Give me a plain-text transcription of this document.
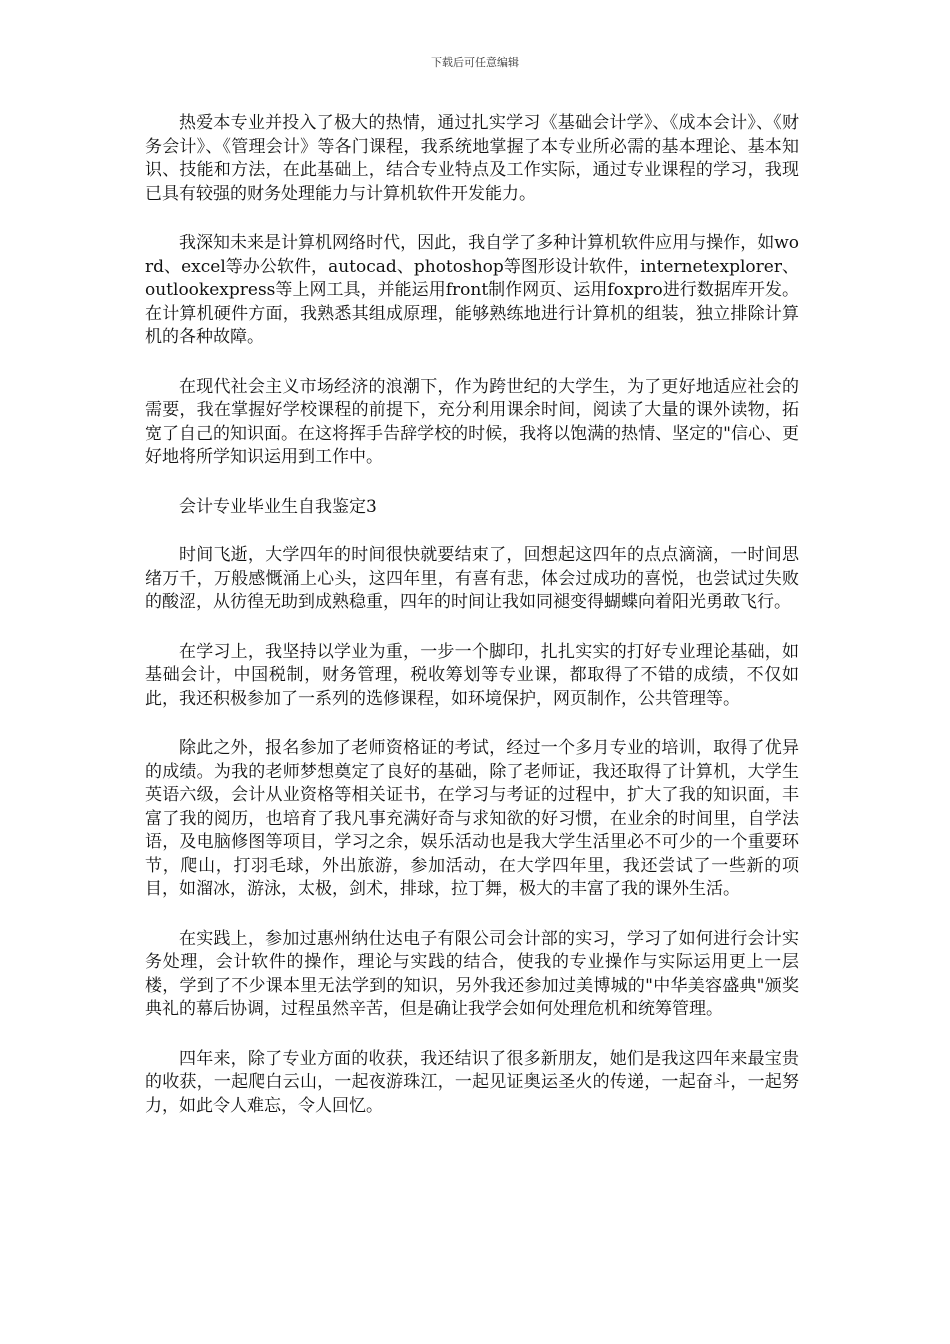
下载后可任意编辑

热爱本专业并投入了极大的热情，通过扎实学习《基础会计学》、《成本会计》、《财务会计》、《管理会计》等各门课程，我系统地掌握了本专业所必需的基本理论、基本知识、技能和方法，在此基础上，结合专业特点及工作实际，通过专业课程的学习，我现已具有较强的财务处理能力与计算机软件开发能力。

我深知未来是计算机网络时代，因此，我自学了多种计算机软件应用与操作，如word、excel等办公软件，autocad、photoshop等图形设计软件，internetexplorer、outlookexpress等上网工具，并能运用front制作网页、运用foxpro进行数据库开发。在计算机硬件方面，我熟悉其组成原理，能够熟练地进行计算机的组装，独立排除计算机的各种故障。

在现代社会主义市场经济的浪潮下，作为跨世纪的大学生，为了更好地适应社会的需要，我在掌握好学校课程的前提下，充分利用课余时间，阅读了大量的课外读物，拓宽了自己的知识面。在这将挥手告辞学校的时候，我将以饱满的热情、坚定的"信心、更好地将所学知识运用到工作中。

会计专业毕业生自我鉴定3

时间飞逝，大学四年的时间很快就要结束了，回想起这四年的点点滴滴，一时间思绪万千，万般感慨涌上心头，这四年里，有喜有悲，体会过成功的喜悦，也尝试过失败的酸涩，从彷徨无助到成熟稳重，四年的时间让我如同褪变得蝴蝶向着阳光勇敢飞行。

在学习上，我坚持以学业为重，一步一个脚印，扎扎实实的打好专业理论基础，如基础会计，中国税制，财务管理，税收筹划等专业课，都取得了不错的成绩，不仅如此，我还积极参加了一系列的选修课程，如环境保护，网页制作，公共管理等。

除此之外，报名参加了老师资格证的考试，经过一个多月专业的培训，取得了优异的成绩。为我的老师梦想奠定了良好的基础，除了老师证，我还取得了计算机，大学生英语六级，会计从业资格等相关证书，在学习与考证的过程中，扩大了我的知识面，丰富了我的阅历，也培育了我凡事充满好奇与求知欲的好习惯，在业余的时间里，自学法语，及电脑修图等项目，学习之余，娱乐活动也是我大学生活里必不可少的一个重要环节，爬山，打羽毛球，外出旅游，参加活动，在大学四年里，我还尝试了一些新的项目，如溜冰，游泳，太极，剑术，排球，拉丁舞，极大的丰富了我的课外生活。

在实践上，参加过惠州纳仕达电子有限公司会计部的实习，学习了如何进行会计实务处理，会计软件的操作，理论与实践的结合，使我的专业操作与实际运用更上一层楼，学到了不少课本里无法学到的知识，另外我还参加过美博城的"中华美容盛典"颁奖典礼的幕后协调，过程虽然辛苦，但是确让我学会如何处理危机和统筹管理。

四年来，除了专业方面的收获，我还结识了很多新朋友，她们是我这四年来最宝贵的收获，一起爬白云山，一起夜游珠江，一起见证奥运圣火的传递，一起奋斗，一起努力，如此令人难忘，令人回忆。
